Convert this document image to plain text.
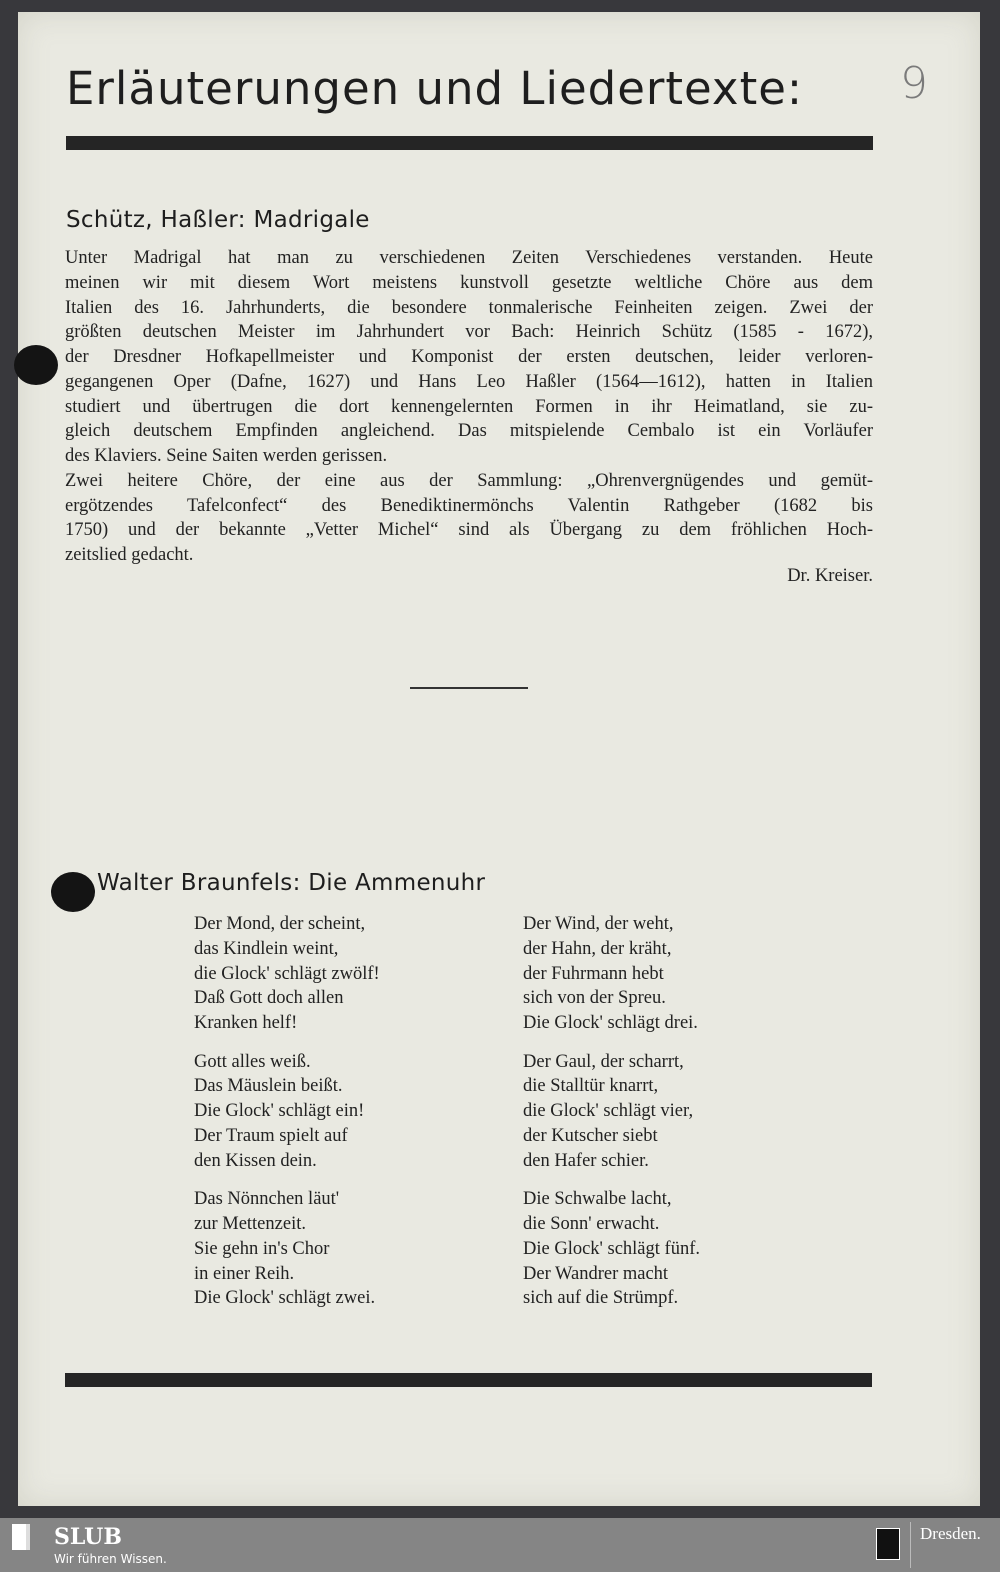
9
Erläuterungen und Liedertexte:
Schütz, Haßler: Madrigale
Unter Madrigal hat man zu verschiedenen Zeiten Verschiedenes verstanden. Heute
meinen wir mit diesem Wort meistens kunstvoll gesetzte weltliche Chöre aus dem
Italien des 16. Jahrhunderts, die besondere tonmalerische Feinheiten zeigen. Zwei der
größten deutschen Meister im Jahrhundert vor Bach: Heinrich Schütz (1585 - 1672),
der Dresdner Hofkapellmeister und Komponist der ersten deutschen, leider verloren-
gegangenen Oper (Dafne, 1627) und Hans Leo Haßler (1564—1612), hatten in Italien
studiert und übertrugen die dort kennengelernten Formen in ihr Heimatland, sie zu-
gleich deutschem Empfinden angleichend. Das mitspielende Cembalo ist ein Vorläufer
des Klaviers. Seine Saiten werden gerissen.
Zwei heitere Chöre, der eine aus der Sammlung: „Ohrenvergnügendes und gemüt-
ergötzendes Tafelconfect“ des Benediktinermönchs Valentin Rathgeber (1682 bis
1750) und der bekannte „Vetter Michel“ sind als Übergang zu dem fröhlichen Hoch-
zeitslied gedacht.
Dr. Kreiser.
Walter Braunfels: Die Ammenuhr
Der Mond, der scheint,
das Kindlein weint,
die Glock' schlägt zwölf!
Daß Gott doch allen
Kranken helf!
Gott alles weiß.
Das Mäuslein beißt.
Die Glock' schlägt ein!
Der Traum spielt auf
den Kissen dein.
Das Nönnchen läut'
zur Mettenzeit.
Sie gehn in's Chor
in einer Reih.
Die Glock' schlägt zwei.
Der Wind, der weht,
der Hahn, der kräht,
der Fuhrmann hebt
sich von der Spreu.
Die Glock' schlägt drei.
Der Gaul, der scharrt,
die Stalltür knarrt,
die Glock' schlägt vier,
der Kutscher siebt
den Hafer schier.
Die Schwalbe lacht,
die Sonn' erwacht.
Die Glock' schlägt fünf.
Der Wandrer macht
sich auf die Strümpf.
SLUB
Wir führen Wissen.
Dresden.
